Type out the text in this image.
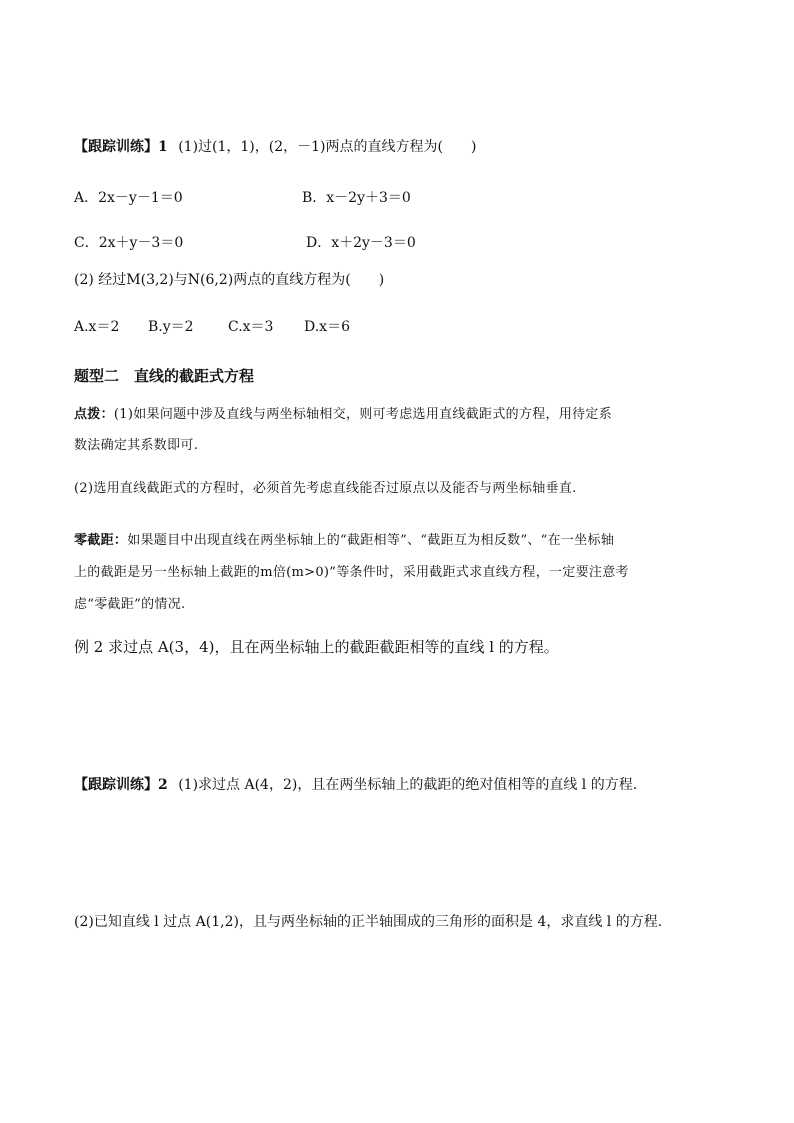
【跟踪训练】1 (1)过(1，1)，(2，－1)两点的直线方程为(　　)
A．2x－y－1＝0	B．x－2y＋3＝0
C．2x＋y－3＝0	D．x＋2y－3＝0
(2) 经过M(3,2)与N(6,2)两点的直线方程为(　　)
A.x＝2 B.y＝2 C.x＝3 D.x＝6
题型二　直线的截距式方程
点拨：(1)如果问题中涉及直线与两坐标轴相交，则可考虑选用直线截距式的方程，用待定系
数法确定其系数即可.
(2)选用直线截距式的方程时，必须首先考虑直线能否过原点以及能否与两坐标轴垂直.
零截距：如果题目中出现直线在两坐标轴上的“截距相等”、“截距互为相反数”、“在一坐标轴
上的截距是另一坐标轴上截距的m倍(m>0)”等条件时，采用截距式求直线方程，一定要注意考
虑“零截距”的情况.
例 2 求过点 A(3，4)，且在两坐标轴上的截距截距相等的直线 l 的方程。
【跟踪训练】2 (1)求过点 A(4，2)，且在两坐标轴上的截距的绝对值相等的直线 l 的方程.
(2)已知直线 l 过点 A(1,2)，且与两坐标轴的正半轴围成的三角形的面积是 4，求直线 l 的方程.
